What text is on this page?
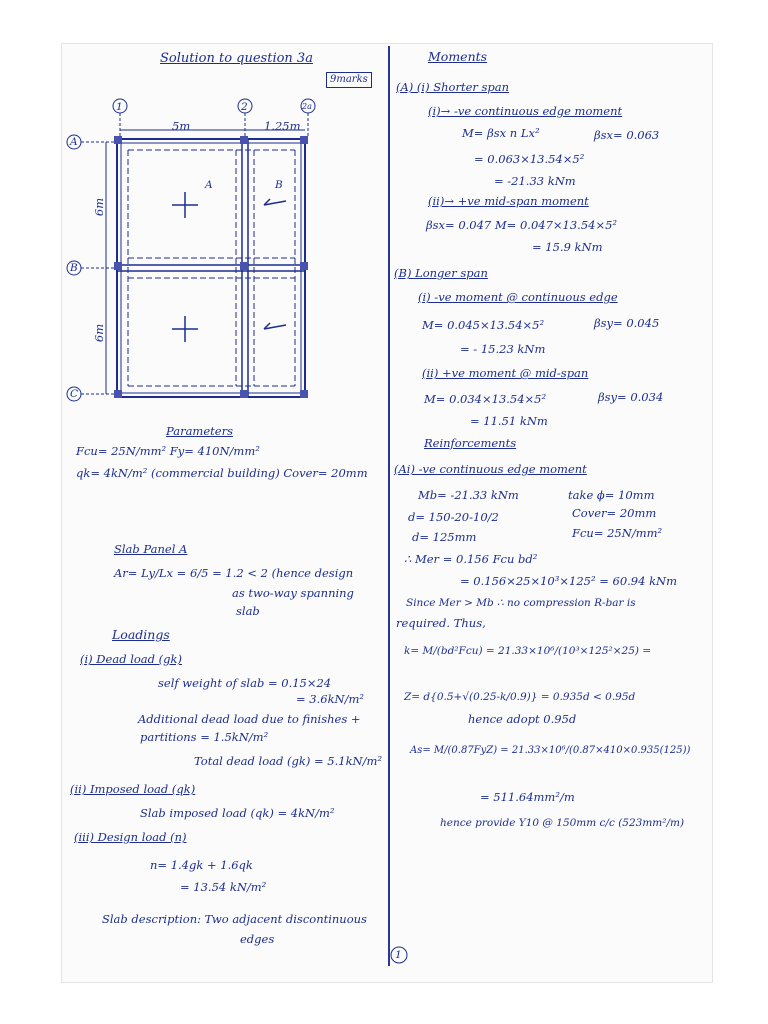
Solution to question 3a
9marks
1	2	2a
A
B
C
5m	1.25m
6m
6m
A	B
Parameters
Fcu= 25N/mm² Fy= 410N/mm²
qk= 4kN/m² (commercial building) Cover= 20mm
Slab Panel A
Ar= Ly/Lx = 6/5 = 1.2 < 2 (hence design
as two-way spanning
slab
Loadings
(i) Dead load (gk)
self weight of slab = 0.15×24
= 3.6kN/m²
Additional dead load due to finishes +
partitions = 1.5kN/m²
Total dead load (gk) = 5.1kN/m²
(ii) Imposed load (qk)
Slab imposed load (qk) = 4kN/m²
(iii) Design load (n)
n= 1.4gk + 1.6qk
= 13.54 kN/m²
Slab description: Two adjacent discontinuous
edges
Moments
(A) (i) Shorter span
(i)→ -ve continuous edge moment
M= βsx n Lx²	βsx= 0.063
= 0.063×13.54×5²
= -21.33 kNm
(ii)→ +ve mid-span moment
βsx= 0.047 M= 0.047×13.54×5²
= 15.9 kNm
(B) Longer span
(i) -ve moment @ continuous edge
M= 0.045×13.54×5²	βsy= 0.045
= - 15.23 kNm
(ii) +ve moment @ mid-span
M= 0.034×13.54×5²	βsy= 0.034
= 11.51 kNm
Reinforcements
(Ai) -ve continuous edge moment
Mb= -21.33 kNm	take ϕ= 10mm
d= 150-20-10/2	Cover= 20mm
d= 125mm	Fcu= 25N/mm²
∴ Mer = 0.156 Fcu bd²
= 0.156×25×10³×125² = 60.94 kNm
Since Mer > Mb ∴ no compression R-bar is
required. Thus,
k= M/(bd²Fcu) = 21.33×10⁶/(10³×125²×25) =
Z= d{0.5+√(0.25-k/0.9)} = 0.935d < 0.95d
hence adopt 0.95d
As= M/(0.87FyZ) = 21.33×10⁶/(0.87×410×0.935(125))
= 511.64mm²/m
hence provide Y10 @ 150mm c/c (523mm²/m)
1
